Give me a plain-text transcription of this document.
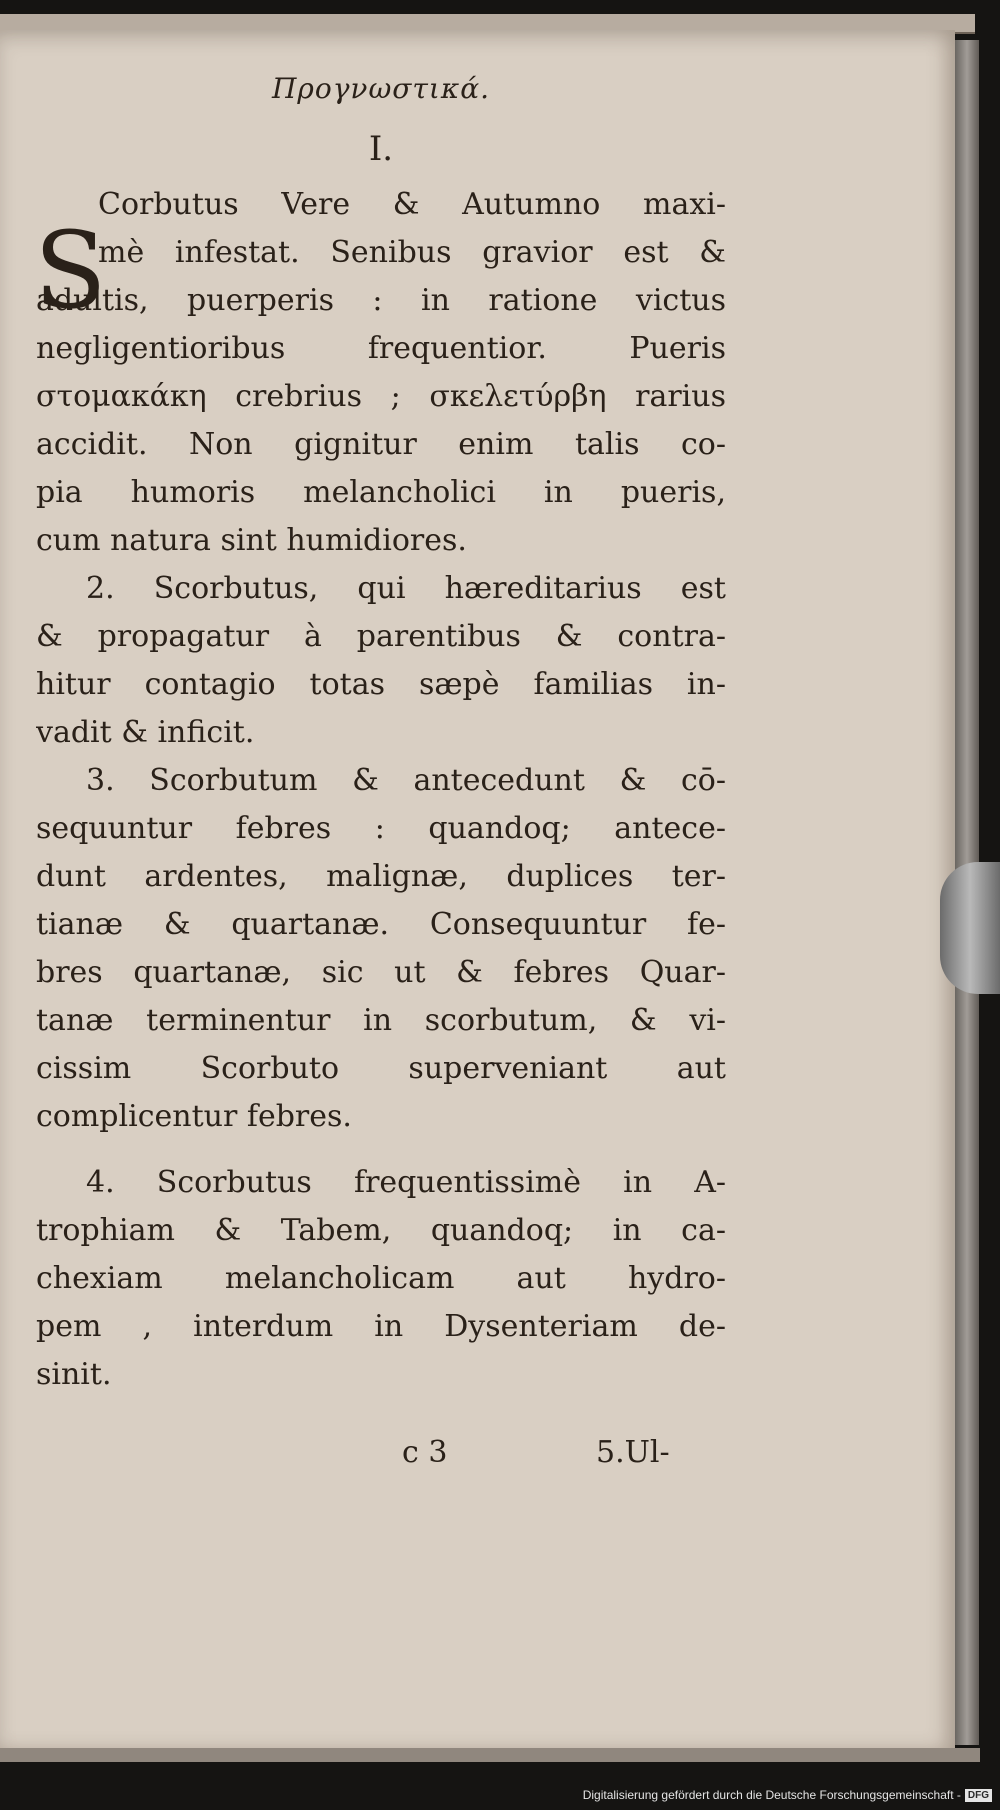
Προγνωστικά.
I.
S
Corbutus Vere & Autumno maxi-
mè infestat. Senibus gravior est &
adultis, puerperis : in ratione victus
negligentioribus frequentior. Pueris
στομακάκη crebrius ; σκελετύρβη rarius
accidit. Non gignitur enim talis co-
pia humoris melancholici in pueris,
cum natura sint humidiores.
2. Scorbutus, qui hæreditarius est
& propagatur à parentibus & contra-
hitur contagio totas sæpè familias in-
vadit & inficit.
3. Scorbutum & antecedunt & cō-
sequuntur febres : quandoq; antece-
dunt ardentes, malignæ, duplices ter-
tianæ & quartanæ. Consequuntur fe-
bres quartanæ, sic ut & febres Quar-
tanæ terminentur in scorbutum, & vi-
cissim Scorbuto superveniant aut
complicentur febres.
4. Scorbutus frequentissimè in A-
trophiam & Tabem, quandoq; in ca-
chexiam melancholicam aut hydro-
pem , interdum in Dysenteriam de-
sinit.
c 3	5.Ul-
Digitalisierung gefördert durch die Deutsche Forschungsgemeinschaft - DFG
